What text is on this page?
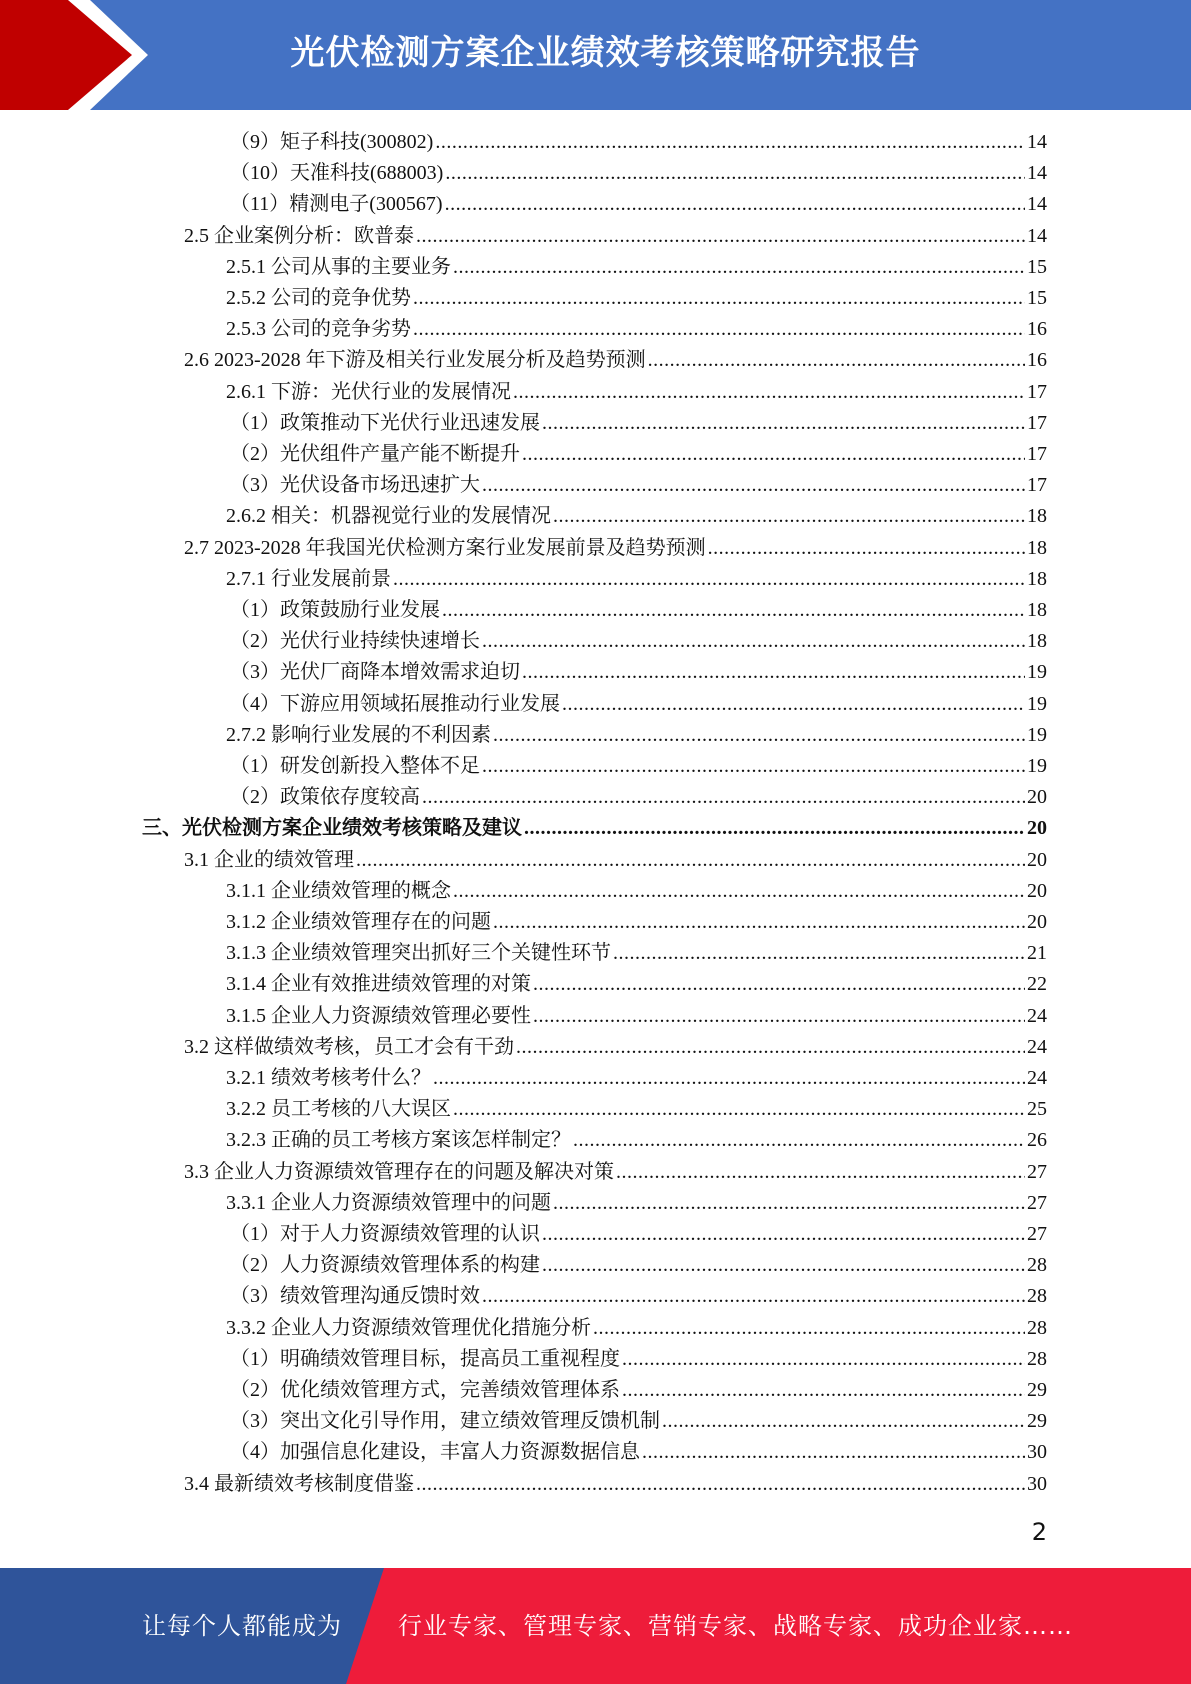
光伏检测方案企业绩效考核策略研究报告
（9）矩子科技(300802) .....	14
（10）天准科技(688003) .....	14
（11）精测电子(300567) .....	14
2.5 企业案例分析：欧普泰 .....	14
2.5.1 公司从事的主要业务 .....	15
2.5.2 公司的竞争优势 .....	15
2.5.3 公司的竞争劣势 .....	16
2.6 2023-2028 年下游及相关行业发展分析及趋势预测 .....	16
2.6.1 下游：光伏行业的发展情况 .....	17
（1）政策推动下光伏行业迅速发展 .....	17
（2）光伏组件产量产能不断提升 .....	17
（3）光伏设备市场迅速扩大 .....	17
2.6.2 相关：机器视觉行业的发展情况 .....	18
2.7 2023-2028 年我国光伏检测方案行业发展前景及趋势预测 .....	18
2.7.1 行业发展前景 .....	18
（1）政策鼓励行业发展 .....	18
（2）光伏行业持续快速增长 .....	18
（3）光伏厂商降本增效需求迫切 .....	19
（4）下游应用领域拓展推动行业发展 .....	19
2.7.2 影响行业发展的不利因素 .....	19
（1）研发创新投入整体不足 .....	19
（2）政策依存度较高 .....	20
三、光伏检测方案企业绩效考核策略及建议 .....	20
3.1 企业的绩效管理 .....	20
3.1.1 企业绩效管理的概念 .....	20
3.1.2 企业绩效管理存在的问题 .....	20
3.1.3 企业绩效管理突出抓好三个关键性环节 .....	21
3.1.4 企业有效推进绩效管理的对策 .....	22
3.1.5 企业人力资源绩效管理必要性 .....	24
3.2 这样做绩效考核，员工才会有干劲 .....	24
3.2.1 绩效考核考什么？ .....	24
3.2.2 员工考核的八大误区 .....	25
3.2.3 正确的员工考核方案该怎样制定？ .....	26
3.3 企业人力资源绩效管理存在的问题及解决对策 .....	27
3.3.1 企业人力资源绩效管理中的问题 .....	27
（1）对于人力资源绩效管理的认识 .....	27
（2）人力资源绩效管理体系的构建 .....	28
（3）绩效管理沟通反馈时效 .....	28
3.3.2 企业人力资源绩效管理优化措施分析 .....	28
（1）明确绩效管理目标，提高员工重视程度 .....	28
（2）优化绩效管理方式，完善绩效管理体系 .....	29
（3）突出文化引导作用，建立绩效管理反馈机制 .....	29
（4）加强信息化建设，丰富人力资源数据信息 .....	30
3.4 最新绩效考核制度借鉴 .....	30
2
让每个人都能成为 行业专家、管理专家、营销专家、战略专家、成功企业家……
